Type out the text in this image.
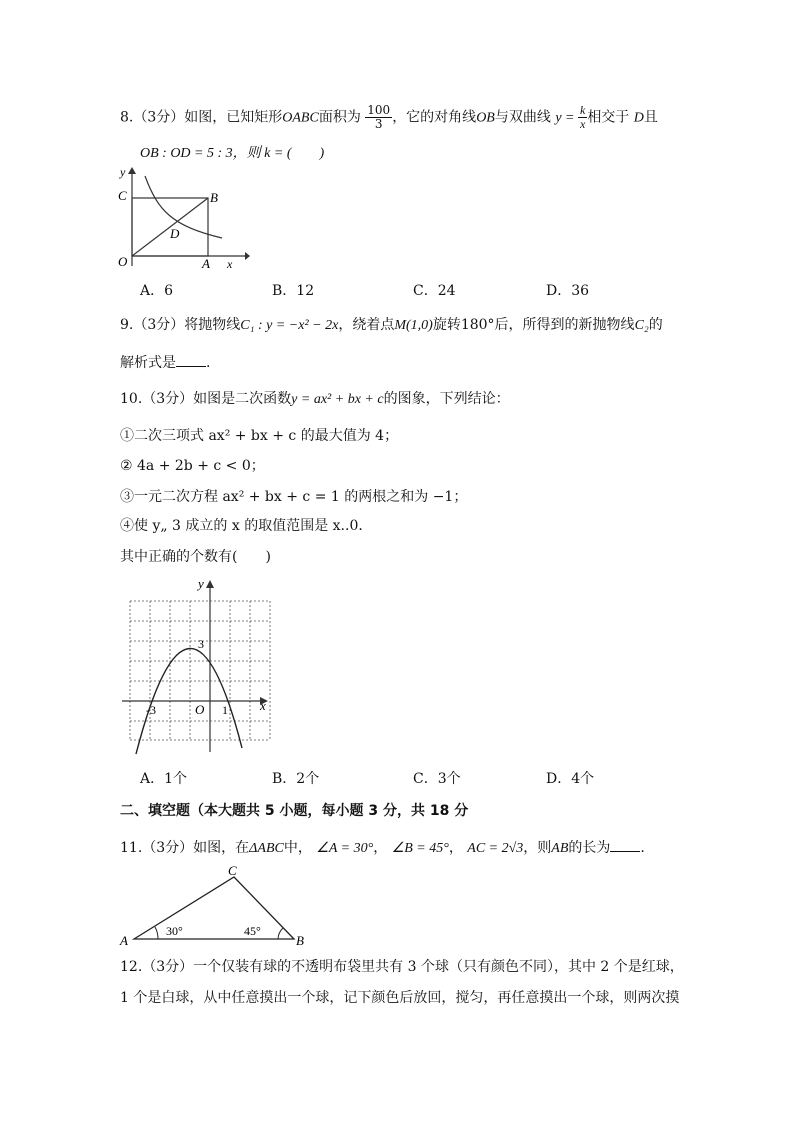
8.（3分）如图，已知矩形OABC面积为 $\frac{100}{3}$ ，它的对角线OB与双曲线 $y = \frac{k}{x}$ 相交于 D且
OB : OD = 5 : 3，则 k = (　　)
y
C	B
D
O	A x
A．6	B．12	C．24	D．36
9.（3分）将抛物线C₁ : y = −x² − 2x，绕着点M(1,0)旋转180°后，所得到的新抛物线C₂的
解析式是 .
10.（3分）如图是二次函数y = ax² + bx + c的图象，下列结论：
①二次三项式 ax² + bx + c 的最大值为 4；
② 4a + 2b + c < 0；
③一元二次方程 ax² + bx + c = 1 的两根之和为 −1；
④使 y„ 3 成立的 x 的取值范围是 x..0．
其中正确的个数有(　　)
y
3
-3	O 1 x
A．1个	B．2个	C．3个	D．4个
二、填空题（本大题共 5 小题，每小题 3 分，共 18 分
11.（3分）如图，在ΔABC中， ∠A = 30°， ∠B = 45°， AC = 2√3，则AB的长为 .
A	B
C
30°	45°
12.（3分）一个仅装有球的不透明布袋里共有 3 个球（只有颜色不同），其中 2 个是红球，
1 个是白球，从中任意摸出一个球，记下颜色后放回，搅匀，再任意摸出一个球，则两次摸
